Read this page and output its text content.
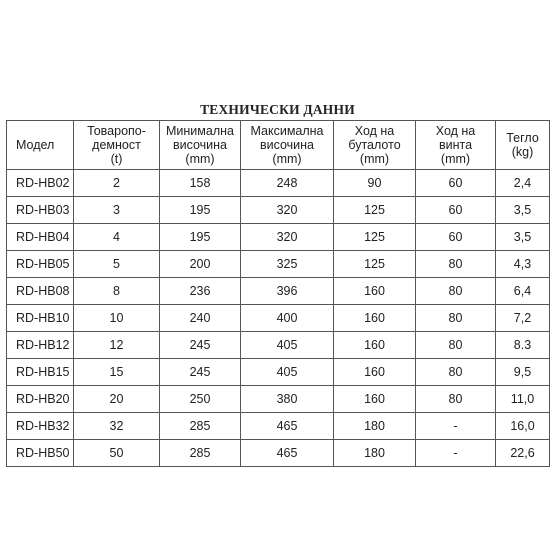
ТЕХНИЧЕСКИ ДАННИ
Модел	Товаропо-
демност
(t)	Минимална
височина
(mm)	Максимална
височина
(mm)	Ход на
буталото
(mm)	Ход на
винта
(mm)	Тегло
(kg)
RD-HB02	2	158	248	90	60	2,4
RD-HB03	3	195	320	125	60	3,5
RD-HB04	4	195	320	125	60	3,5
RD-HB05	5	200	325	125	80	4,3
RD-HB08	8	236	396	160	80	6,4
RD-HB10	10	240	400	160	80	7,2
RD-HB12	12	245	405	160	80	8.3
RD-HB15	15	245	405	160	80	9,5
RD-HB20	20	250	380	160	80	11,0
RD-HB32	32	285	465	180	-	16,0
RD-HB50	50	285	465	180	-	22,6
